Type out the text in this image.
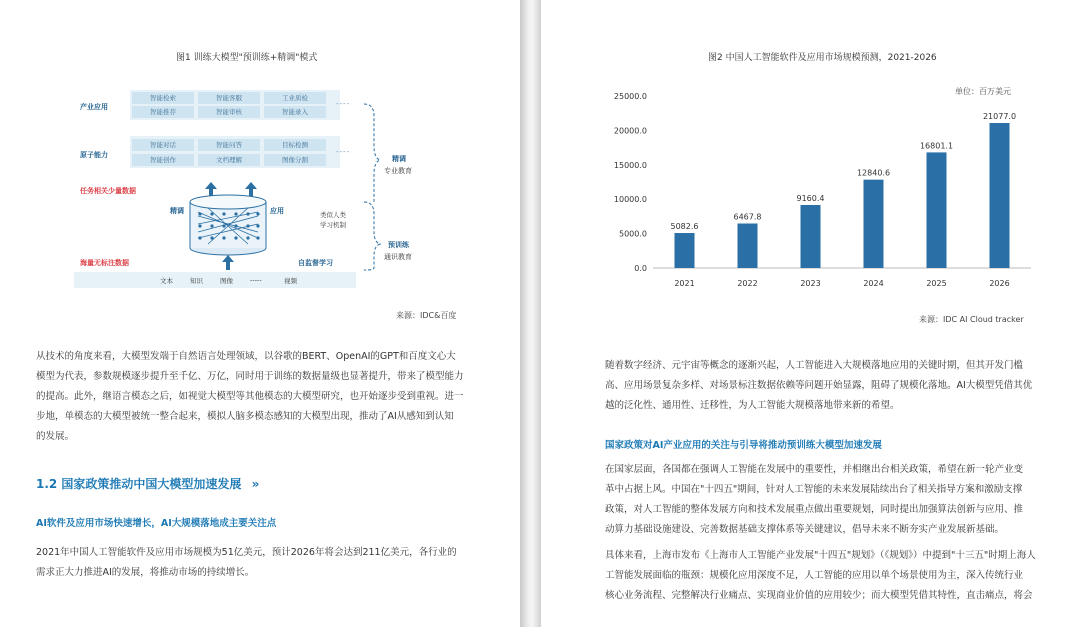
图1 训练大模型"预训练+精调"模式
产业应用
智能检索	智能客服	工业质检
智能推荐	智能审核	智能录入
----
原子能力
智能对话	智能问答	目标检测
智能创作	文档理解	图像分割
----
任务相关少量数据
精调	应用	类似人类
学习机制
海量无标注数据	自监督学习
文本	知识	图像	-----	视频
精调
专业教育
预训练
通识教育
来源：IDC&百度

从技术的角度来看，大模型发端于自然语言处理领域，以谷歌的BERT、OpenAI的GPT和百度文心大

模型为代表，参数规模逐步提升至千亿、万亿，同时用于训练的数据量级也显著提升，带来了模型能力

的提高。此外，继语言模态之后，如视觉大模型等其他模态的大模型研究，也开始逐步受到重视。进一

步地，单模态的大模型被统一整合起来，模拟人脑多模态感知的大模型出现，推动了AI从感知到认知

的发展。

1.2 国家政策推动中国大模型加速发展 »
AI软件及应用市场快速增长，AI大规模落地成主要关注点

2021年中国人工智能软件及应用市场规模为51亿美元，预计2026年将会达到211亿美元，各行业的

需求正大力推进AI的发展，将推动市场的持续增长。

图2 中国人工智能软件及应用市场规模预测，2021-2026
单位：百万美元
0.0
5000.0
10000.0
15000.0
20000.0
25000.0
5082.6
2021
6467.8
2022
9160.4
2023
12840.6
2024
16801.1
2025
21077.0
2026
来源：IDC AI Cloud tracker

随着数字经济、元宇宙等概念的逐渐兴起，人工智能进入大规模落地应用的关键时期，但其开发门槛

高、应用场景复杂多样、对场景标注数据依赖等问题开始显露，阻碍了规模化落地。AI大模型凭借其优

越的泛化性、通用性、迁移性，为人工智能大规模落地带来新的希望。

国家政策对AI产业应用的关注与引导将推动预训练大模型加速发展

在国家层面，各国都在强调人工智能在发展中的重要性，并相继出台相关政策，希望在新一轮产业变

革中占据上风。中国在"十四五"期间，针对人工智能的未来发展陆续出台了相关指导方案和激励支撑

政策，对人工智能的整体发展方向和技术发展重点做出重要规划，同时提出加强算法创新与应用、推

动算力基础设施建设、完善数据基础支撑体系等关键建议，倡导未来不断夯实产业发展新基础。

具体来看，上海市发布《上海市人工智能产业发展"十四五"规划》（《规划》）中提到"十三五"时期上海人

工智能发展面临的瓶颈：规模化应用深度不足，人工智能的应用以单个场景使用为主，深入传统行业

核心业务流程、完整解决行业痛点、实现商业价值的应用较少；而大模型凭借其特性，直击痛点，将会
